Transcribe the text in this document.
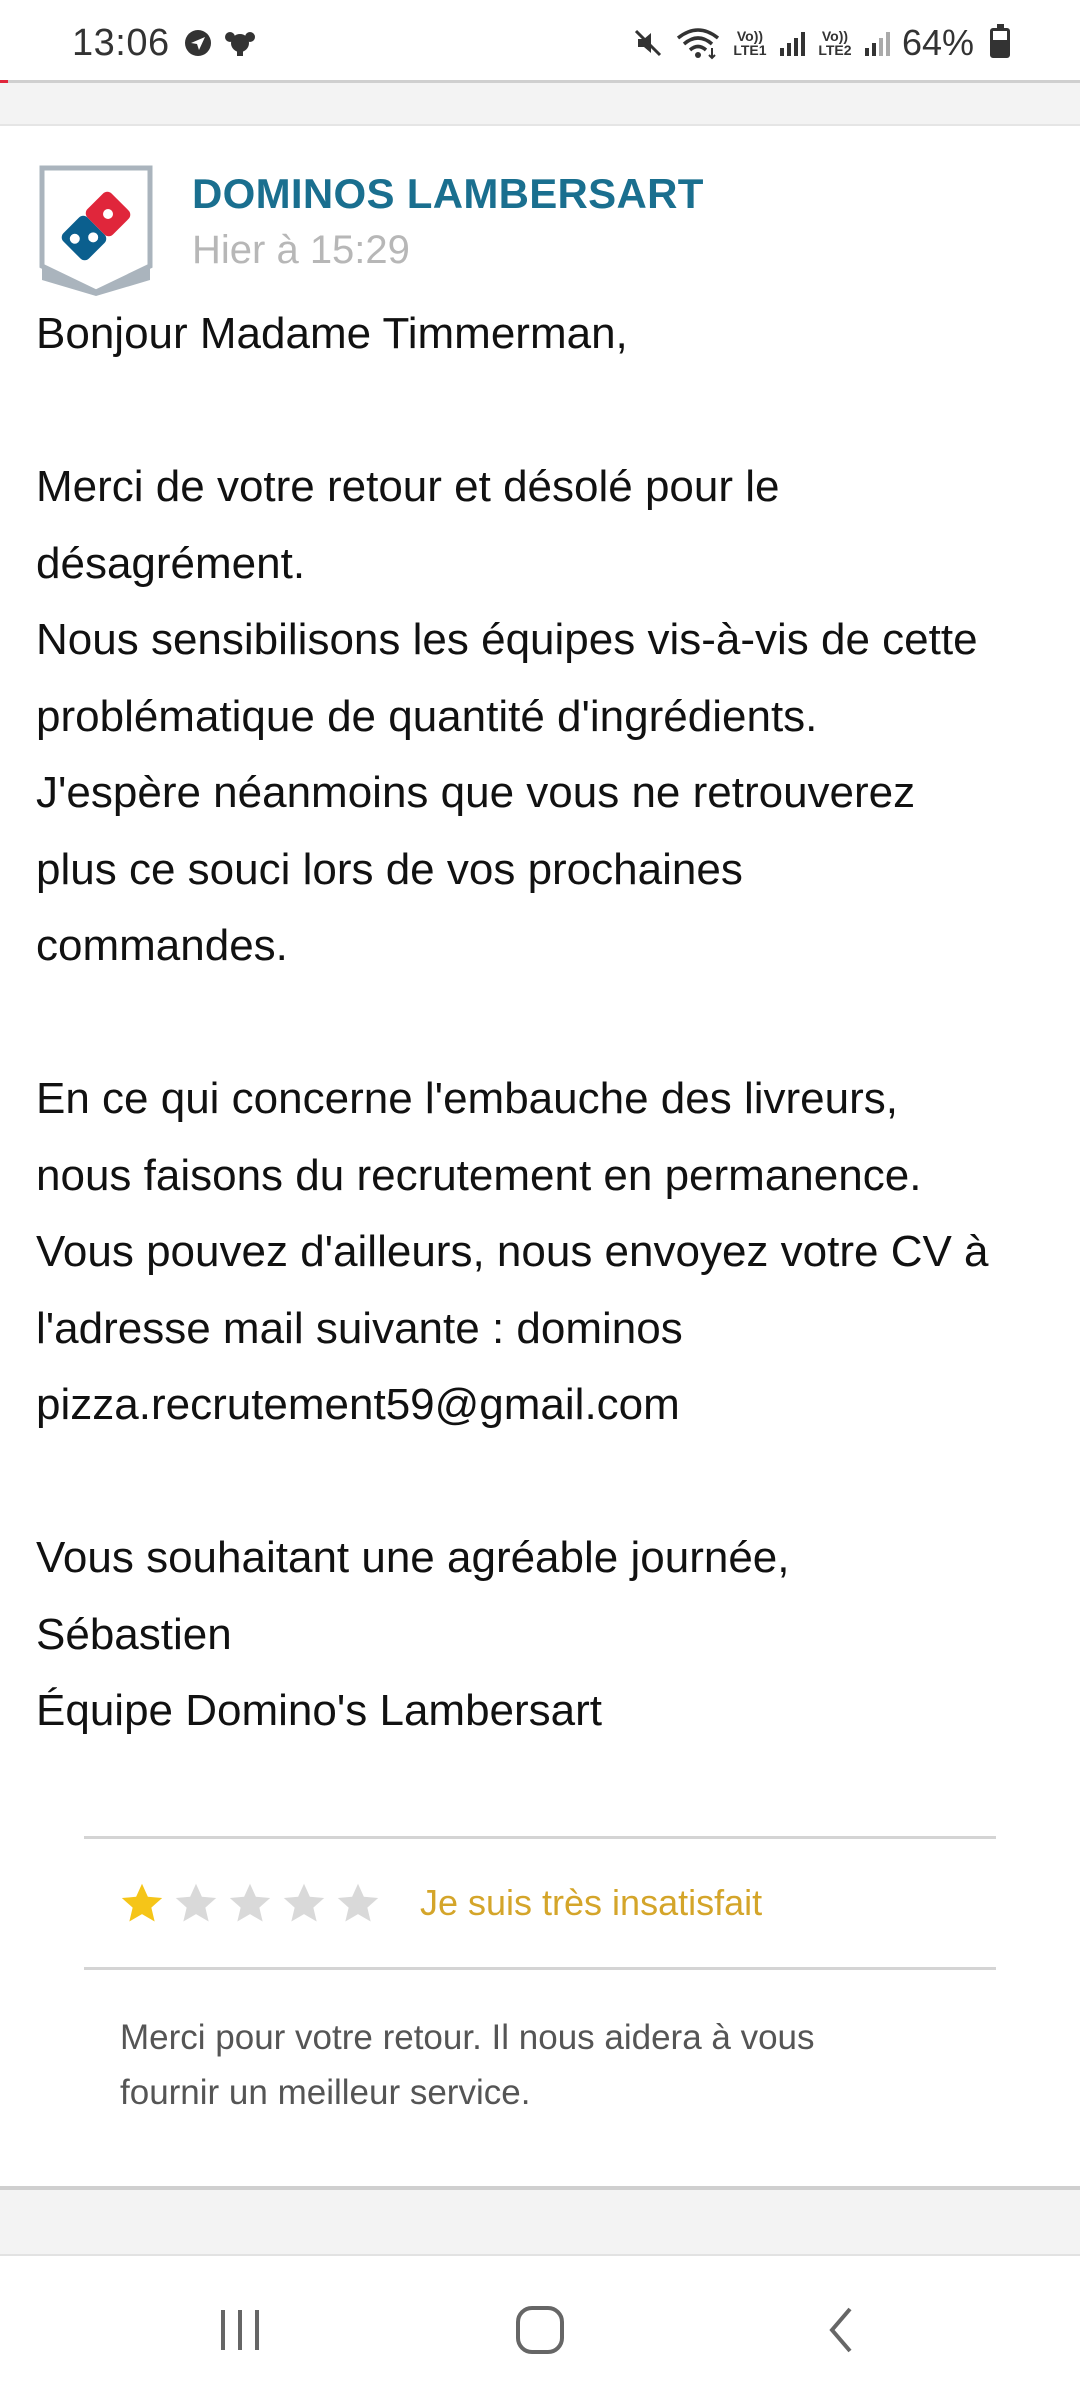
13:06	Vo)) LTE1
Vo)) LTE2 64%
DOMINOS LAMBERSART
Hier à 15:29

Bonjour Madame Timmerman,

Merci de votre retour et désolé pour le

désagrément.

Nous sensibilisons les équipes vis-à-vis de cette

problématique de quantité d'ingrédients.

J'espère néanmoins que vous ne retrouverez

plus ce souci lors de vos prochaines

commandes.

En ce qui concerne l'embauche des livreurs,

nous faisons du recrutement en permanence.

Vous pouvez d'ailleurs, nous envoyez votre CV à

l'adresse mail suivante : dominos

pizza.recrutement59@gmail.com

Vous souhaitant une agréable journée,

Sébastien

Équipe Domino's Lambersart

Je suis très insatisfait
Merci pour votre retour. Il nous aidera à vous
fournir un meilleur service.
